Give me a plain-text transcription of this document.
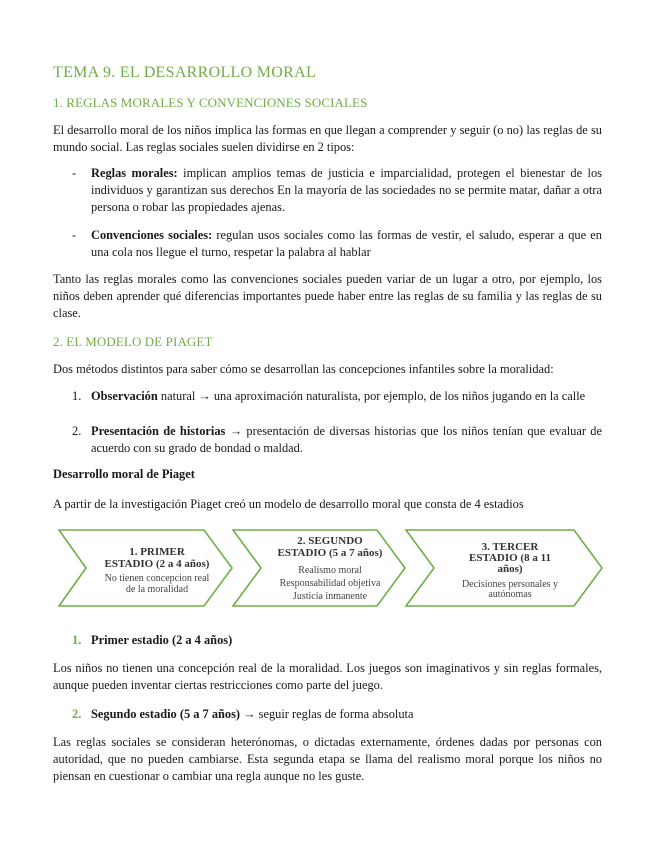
TEMA 9. EL DESARROLLO MORAL
1. REGLAS MORALES Y CONVENCIONES SOCIALES
El desarrollo moral de los niños implica las formas en que llegan a comprender y seguir (o no) las reglas de su mundo social. Las reglas sociales suelen dividirse en 2 tipos:
- Reglas morales: implican amplios temas de justicia e imparcialidad, protegen el bienestar de los individuos y garantizan sus derechos En la mayoría de las sociedades no se permite matar, dañar a otra persona o robar las propiedades ajenas.
- Convenciones sociales: regulan usos sociales como las formas de vestir, el saludo, esperar a que en una cola nos llegue el turno, respetar la palabra al hablar
Tanto las reglas morales como las convenciones sociales pueden variar de un lugar a otro, por ejemplo, los niños deben aprender qué diferencias importantes puede haber entre las reglas de su familia y las reglas de su clase.
2. EL MODELO DE PIAGET
Dos métodos distintos para saber cómo se desarrollan las concepciones infantiles sobre la moralidad:
1. Observación natural → una aproximación naturalista, por ejemplo, de los niños jugando en la calle
2. Presentación de historias → presentación de diversas historias que los niños tenían que evaluar de acuerdo con su grado de bondad o maldad.
Desarrollo moral de Piaget
A partir de la investigación Piaget creó un modelo de desarrollo moral que consta de 4 estadios
1. PRIMER
ESTADIO (2 a 4 años)
No tienen concepcion real
de la moralidad
2. SEGUNDO
ESTADIO (5 a 7 años)
Realismo moral
Responsabilidad objetiva
Justicia inmanente
3. TERCER
ESTADIO (8 a 11
años)
Decisiones personales y
autónomas
1. Primer estadio (2 a 4 años)
Los niños no tienen una concepción real de la moralidad. Los juegos son imaginativos y sin reglas formales, aunque pueden inventar ciertas restricciones como parte del juego.
2. Segundo estadio (5 a 7 años) → seguir reglas de forma absoluta
Las reglas sociales se consideran heterónomas, o dictadas externamente, órdenes dadas por personas con autoridad, que no pueden cambiarse. Esta segunda etapa se llama del realismo moral porque los niños no piensan en cuestionar o cambiar una regla aunque no les guste.
